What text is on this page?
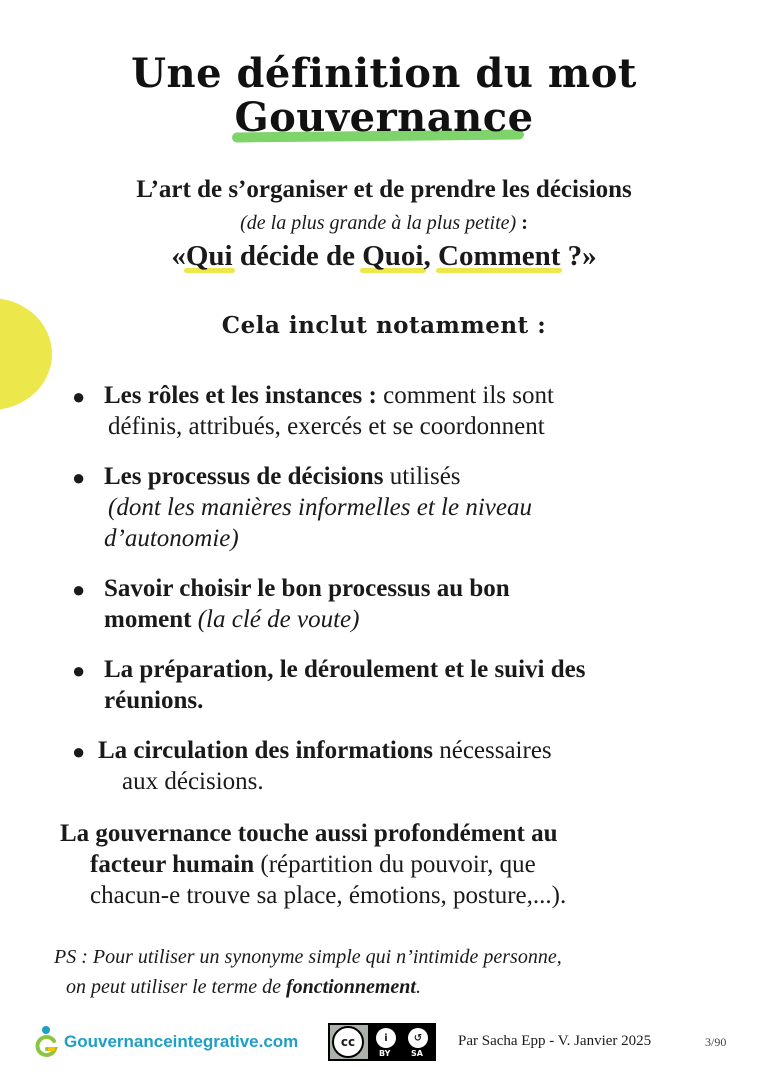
Une définition du mot
Gouvernance
L’art de s’organiser et de prendre les décisions
(de la plus grande à la plus petite) :
«Qui décide de Quoi, Comment ?»
Cela inclut notamment :
● Les rôles et les instances : comment ils sont
définis, attribués, exercés et se coordonnent
● Les processus de décisions utilisés
(dont les manières informelles et le niveau
d’autonomie)
● Savoir choisir le bon processus au bon
moment (la clé de voute)
● La préparation, le déroulement et le suivi des
réunions.
● La circulation des informations nécessaires
aux décisions.
La gouvernance touche aussi profondément au
facteur humain (répartition du pouvoir, que
chacun-e trouve sa place, émotions, posture,...).
PS : Pour utiliser un synonyme simple qui n’intimide personne,
on peut utiliser le terme de fonctionnement.
Gouvernanceintegrative.com	cc	i	↺
BY	SA
Par Sacha Epp - V. Janvier 2025	3/90
